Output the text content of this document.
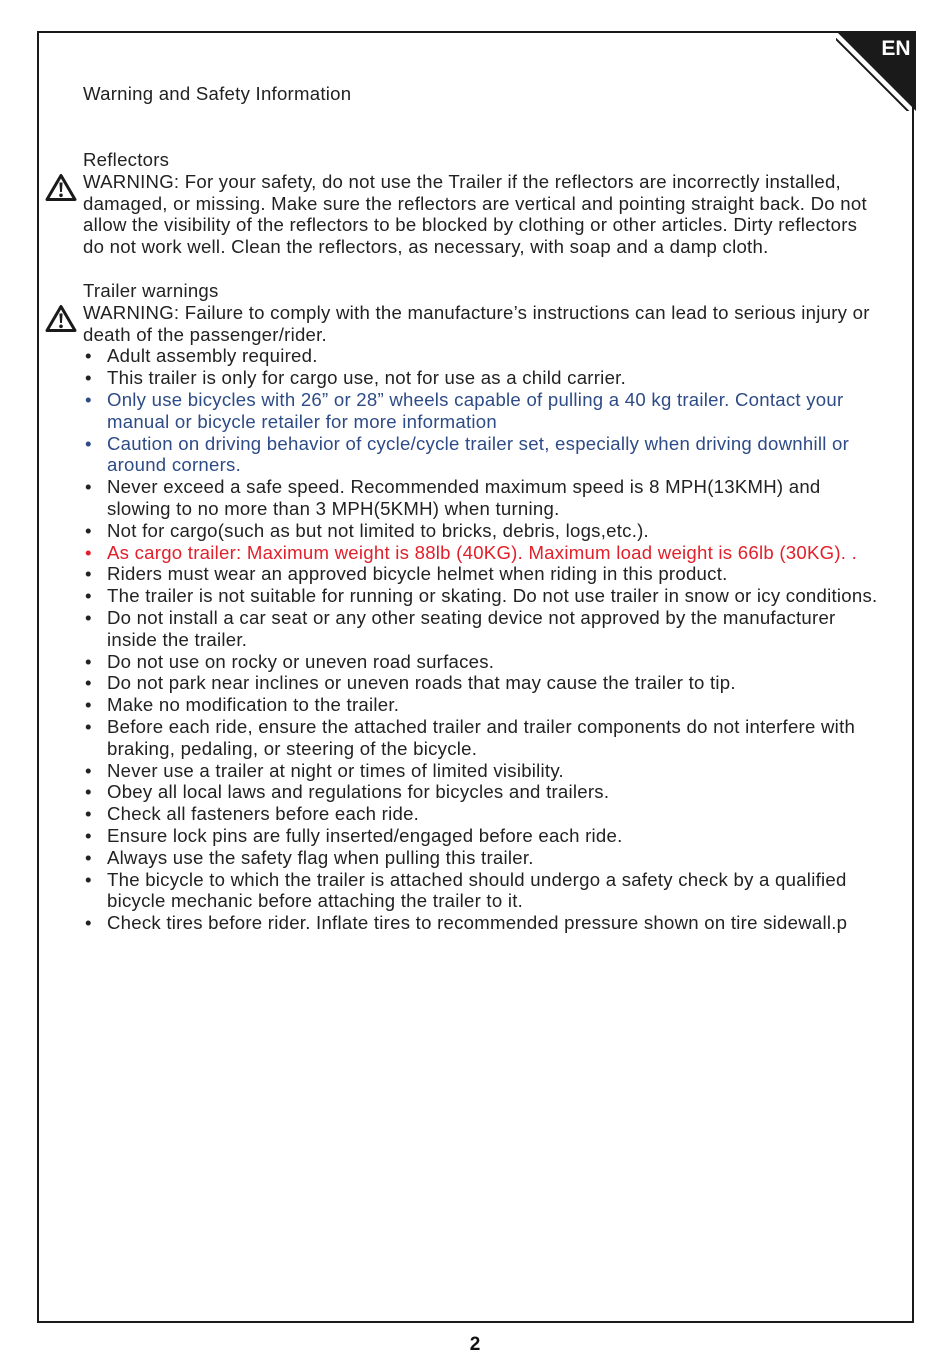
EN
Warning and Safety Information
Reflectors
WARNING: For your safety, do not use the Trailer if the reflectors are incorrectly installed, damaged, or missing. Make sure the reflectors are vertical and pointing straight back. Do not allow the visibility of the reflectors to be blocked by clothing or other articles. Dirty reflectors do not work well. Clean the reflectors, as necessary, with soap and a damp cloth.
Trailer warnings
WARNING: Failure to comply with the manufacture’s instructions can lead to serious injury or death of the passenger/rider.
• Adult assembly required.
• This trailer is only for cargo use, not for use as a child carrier.
• Only use bicycles with 26” or 28” wheels capable of pulling a 40 kg trailer. Contact your manual or bicycle retailer for more information
• Caution on driving behavior of cycle/cycle trailer set, especially when driving downhill or around corners.
• Never exceed a safe speed. Recommended maximum speed is 8 MPH(13KMH) and slowing to no more than 3 MPH(5KMH) when turning.
• Not for cargo(such as but not limited to bricks, debris, logs,etc.).
• As cargo trailer: Maximum weight is 88lb (40KG). Maximum load weight is 66lb (30KG). .
• Riders must wear an approved bicycle helmet when riding in this product.
• The trailer is not suitable for running or skating. Do not use trailer in snow or icy conditions.
• Do not install a car seat or any other seating device not approved by the manufacturer inside the trailer.
• Do not use on rocky or uneven road surfaces.
• Do not park near inclines or uneven roads that may cause the trailer to tip.
• Make no modification to the trailer.
• Before each ride, ensure the attached trailer and trailer components do not interfere with braking, pedaling, or steering of the bicycle.
• Never use a trailer at night or times of limited visibility.
• Obey all local laws and regulations for bicycles and trailers.
• Check all fasteners before each ride.
• Ensure lock pins are fully inserted/engaged before each ride.
• Always use the safety flag when pulling this trailer.
• The bicycle to which the trailer is attached should undergo a safety check by a qualified bicycle mechanic before attaching the trailer to it.
• Check tires before rider. Inflate tires to recommended pressure shown on tire sidewall.p
2
